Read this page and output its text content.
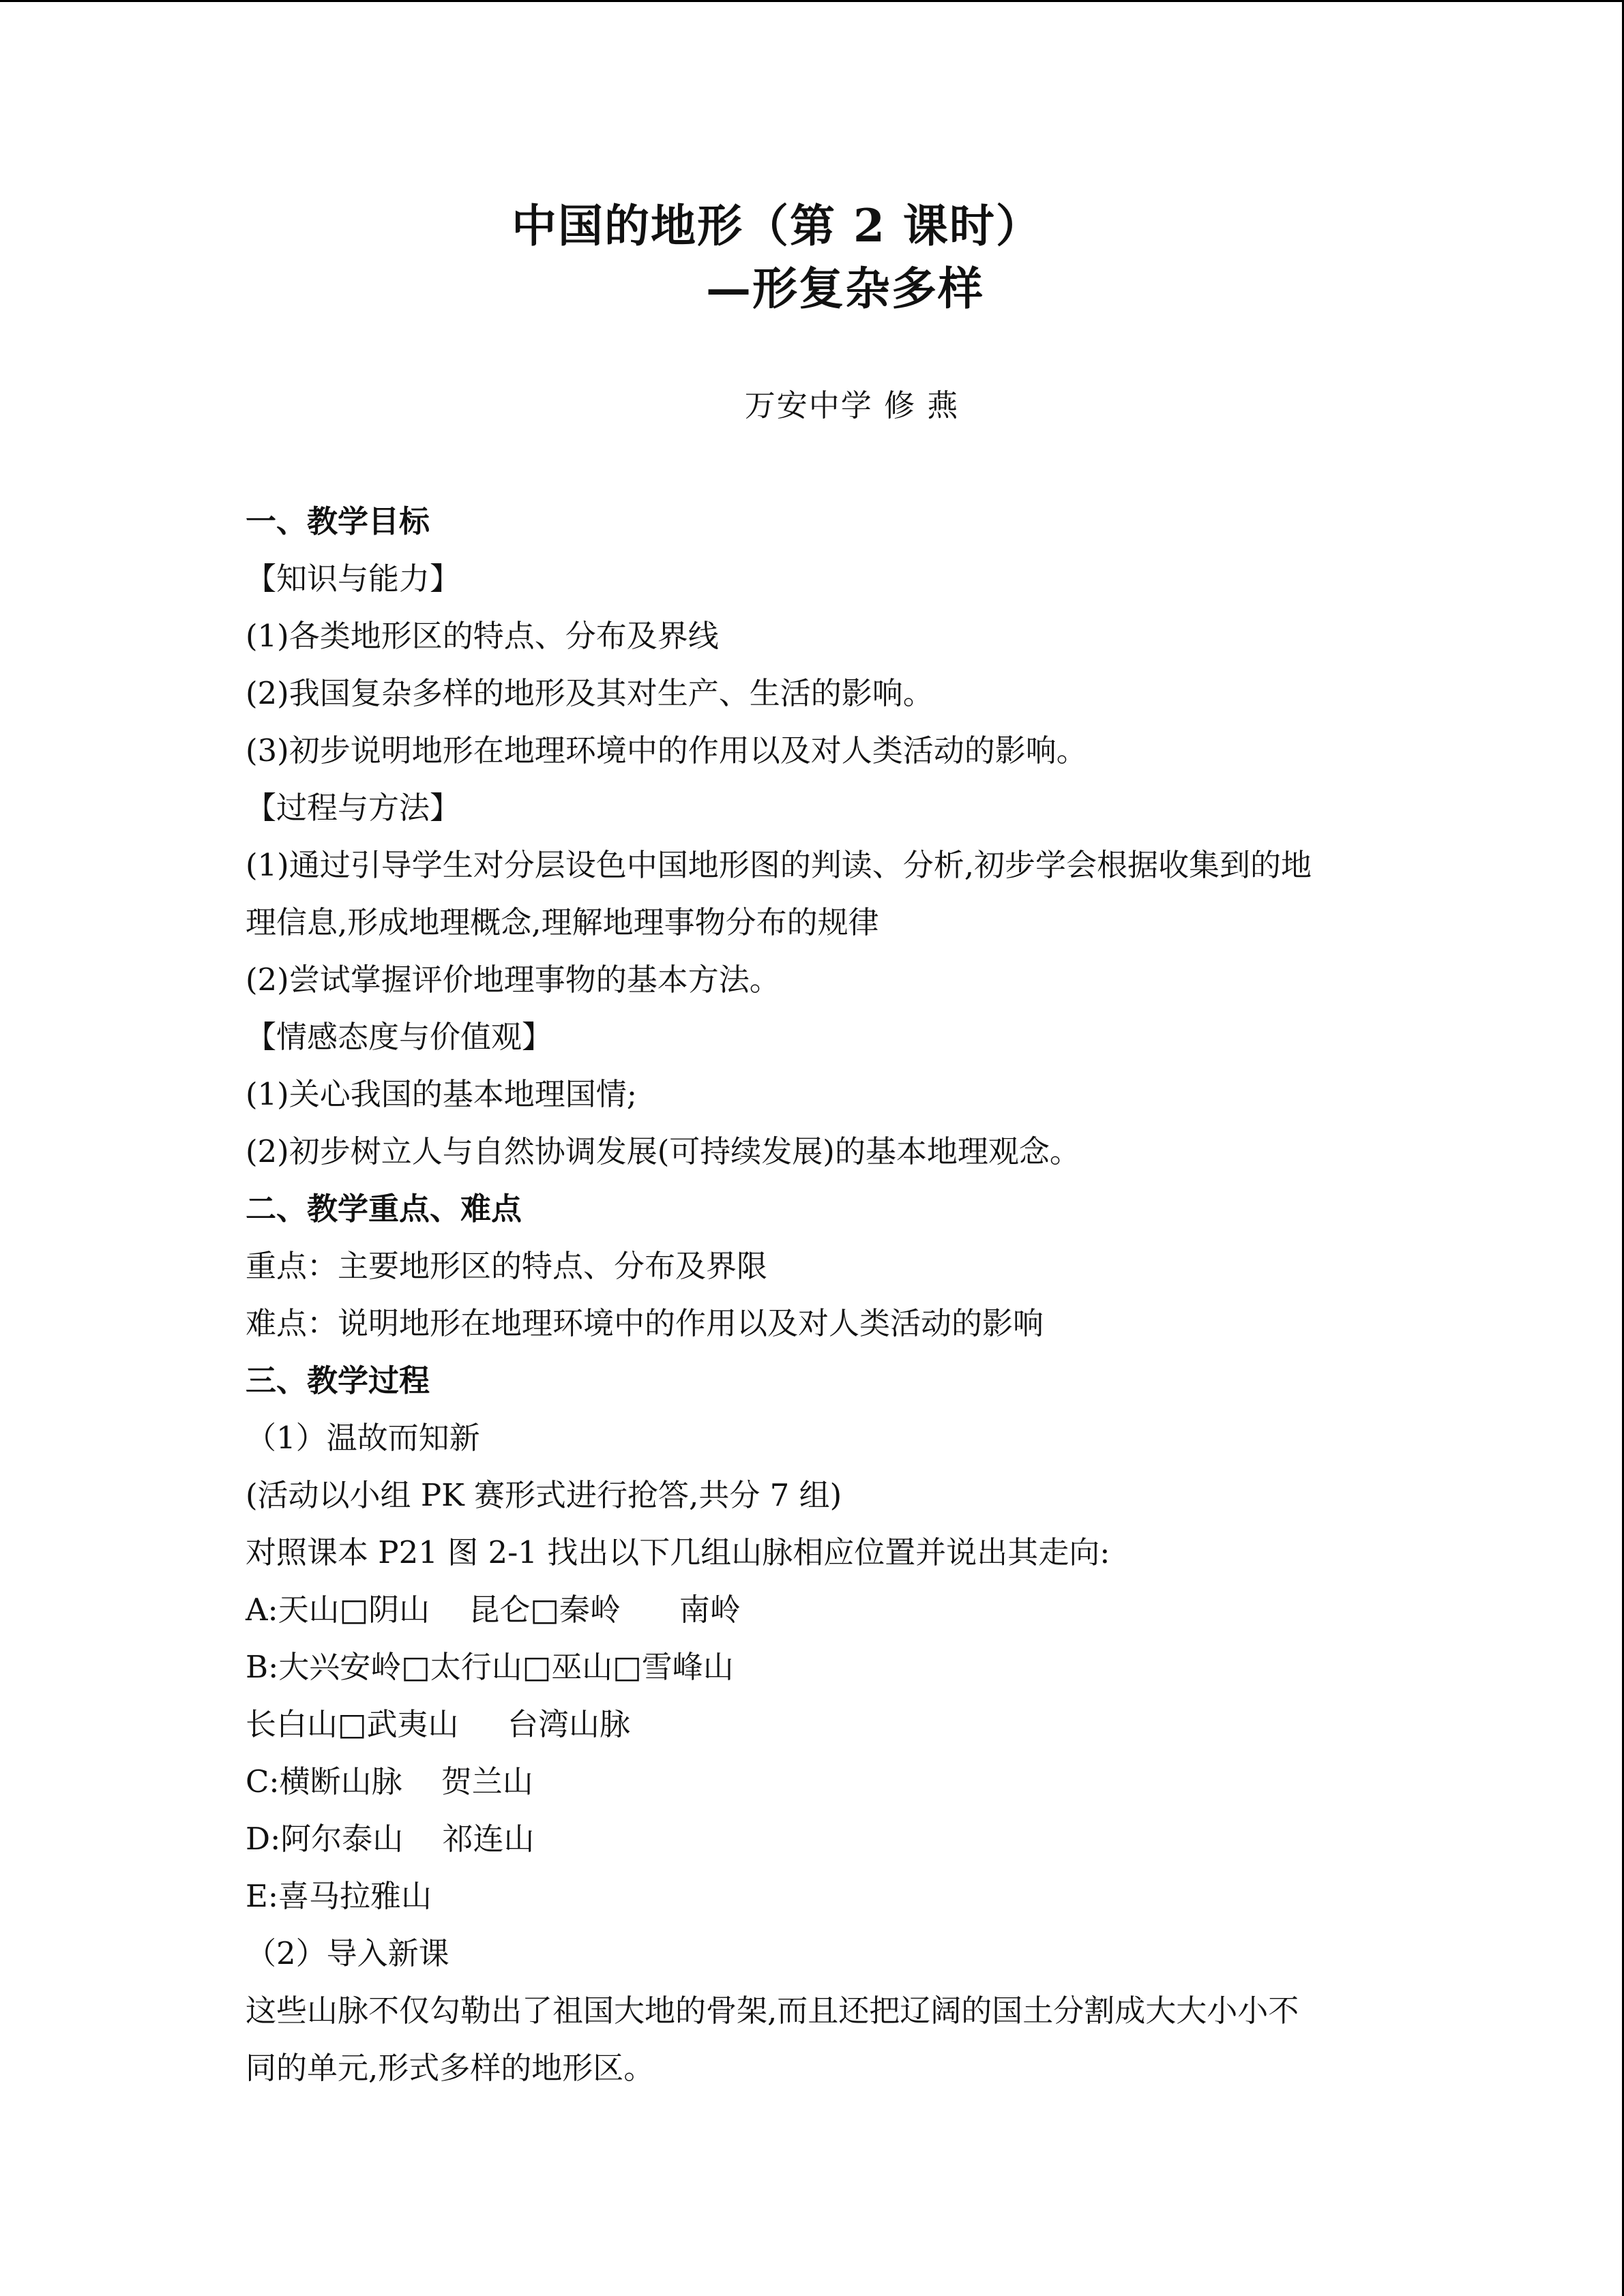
中国的地形（第 2 课时）
—形复杂多样
万安中学 修 燕

一、教学目标

【知识与能力】

(1)各类地形区的特点、分布及界线

(2)我国复杂多样的地形及其对生产、生活的影响。

(3)初步说明地形在地理环境中的作用以及对人类活动的影响。

【过程与方法】

(1)通过引导学生对分层设色中国地形图的判读、分析,初步学会根据收集到的地

理信息,形成地理概念,理解地理事物分布的规律

(2)尝试掌握评价地理事物的基本方法。

【情感态度与价值观】

(1)关心我国的基本地理国情;

(2)初步树立人与自然协调发展(可持续发展)的基本地理观念。

二、教学重点、难点

重点：主要地形区的特点、分布及界限

难点：说明地形在地理环境中的作用以及对人类活动的影响

三、教学过程

（1）温故而知新

(活动以小组 PK 赛形式进行抢答,共分 7 组)

对照课本 P21 图 2-1 找出以下几组山脉相应位置并说出其走向:

A:天山□阴山    昆仑□秦岭      南岭

B:大兴安岭□太行山□巫山□雪峰山

长白山□武夷山     台湾山脉

C:横断山脉    贺兰山

D:阿尔泰山    祁连山

E:喜马拉雅山

（2）导入新课

这些山脉不仅勾勒出了祖国大地的骨架,而且还把辽阔的国土分割成大大小小不

同的单元,形式多样的地形区。
